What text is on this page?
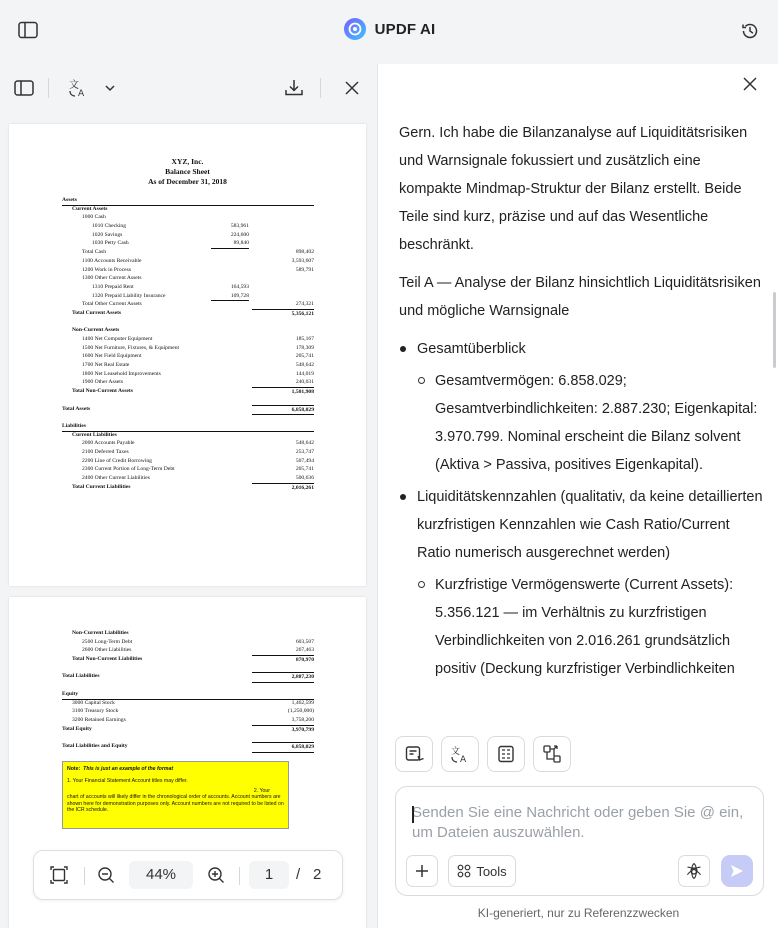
UPDF AI
文
A
XYZ, Inc.
Balance Sheet
As of December 31, 2018
Assets
Current Assets
1000 Cash
1010 Checking	583,961
1020 Savings	224,600
1030 Petty Cash	89,840
Total Cash	898,402
1100 Accounts Receivable	3,593,607
1200 Work in Process	589,791
1300 Other Current Assets
1310 Prepaid Rent	164,593
1320 Prepaid Liability Insurance	109,728
Total Other Current Assets	274,321
Total Current Assets	5,356,121
Non-Current Assets
1400 Net Computer Equipment	185,167
1500 Net Furniture, Fixtures, & Equipment	178,309
1600 Net Field Equipment	205,741
1700 Net Real Estate	548,642
1800 Net Leasehold Improvements	144,019
1900 Other Assets	240,031
Total Non-Current Assets	1,501,908
Total Assets	6,858,029
Liabilities
Current Liabilities
2000 Accounts Payable	548,642
2100 Deferred Taxes	253,747
2200 Line of Credit Borrowing	507,494
2300 Current Portion of Long-Term Debt	205,741
2400 Other Current Liabilities	500,636
Total Current Liabilities	2,016,261
Non-Current Liabilities
2500 Long-Term Debt	603,507
2600 Other Liabilities	267,463
Total Non-Current Liabilities	870,970
Total Liabilities	2,887,230
Equity
3000 Capital Stock	1,462,599
3100 Treasury Stock	(1,250,000)
3200 Retained Earnings	3,758,200
Total Equity	3,970,799
Total Liabilities and Equity	6,858,029
Note: This is just an example of the format
1. Your Financial Statement Account titles may differ.
2. Your
chart of accounts will likely differ in the chronological order of accounts. Account numbers are shown here for demonstration purposes only. Account numbers are not required to be listed on the ICR schedule.
44%	1	/ 2

Gern. Ich habe die Bilanzanalyse auf Liquiditätsrisiken und Warnsignale fokussiert und zusätzlich eine kompakte Mindmap-Struktur der Bilanz erstellt. Beide Teile sind kurz, präzise und auf das Wesentliche beschränkt.

Teil A — Analyse der Bilanz hinsichtlich Liquiditätsrisiken und mögliche Warnsignale

Gesamtüberblick
Gesamtvermögen: 6.858.029; Gesamtverbindlichkeiten: 2.887.230; Eigenkapital: 3.970.799. Nominal erscheint die Bilanz solvent (Aktiva > Passiva, positives Eigenkapital).
Liquiditätskennzahlen (qualitativ, da keine detaillierten kurzfristigen Kennzahlen wie Cash Ratio/Current Ratio numerisch ausgerechnet werden)
Kurzfristige Vermögenswerte (Current Assets): 5.356.121 — im Verhältnis zu kurzfristigen Verbindlichkeiten von 2.016.261 grundsätzlich positiv (Deckung kurzfristiger Verbindlichkeiten
文
A
Senden Sie eine Nachricht oder geben Sie @ ein, um Dateien auszuwählen.
Tools
KI-generiert, nur zu Referenzzwecken
